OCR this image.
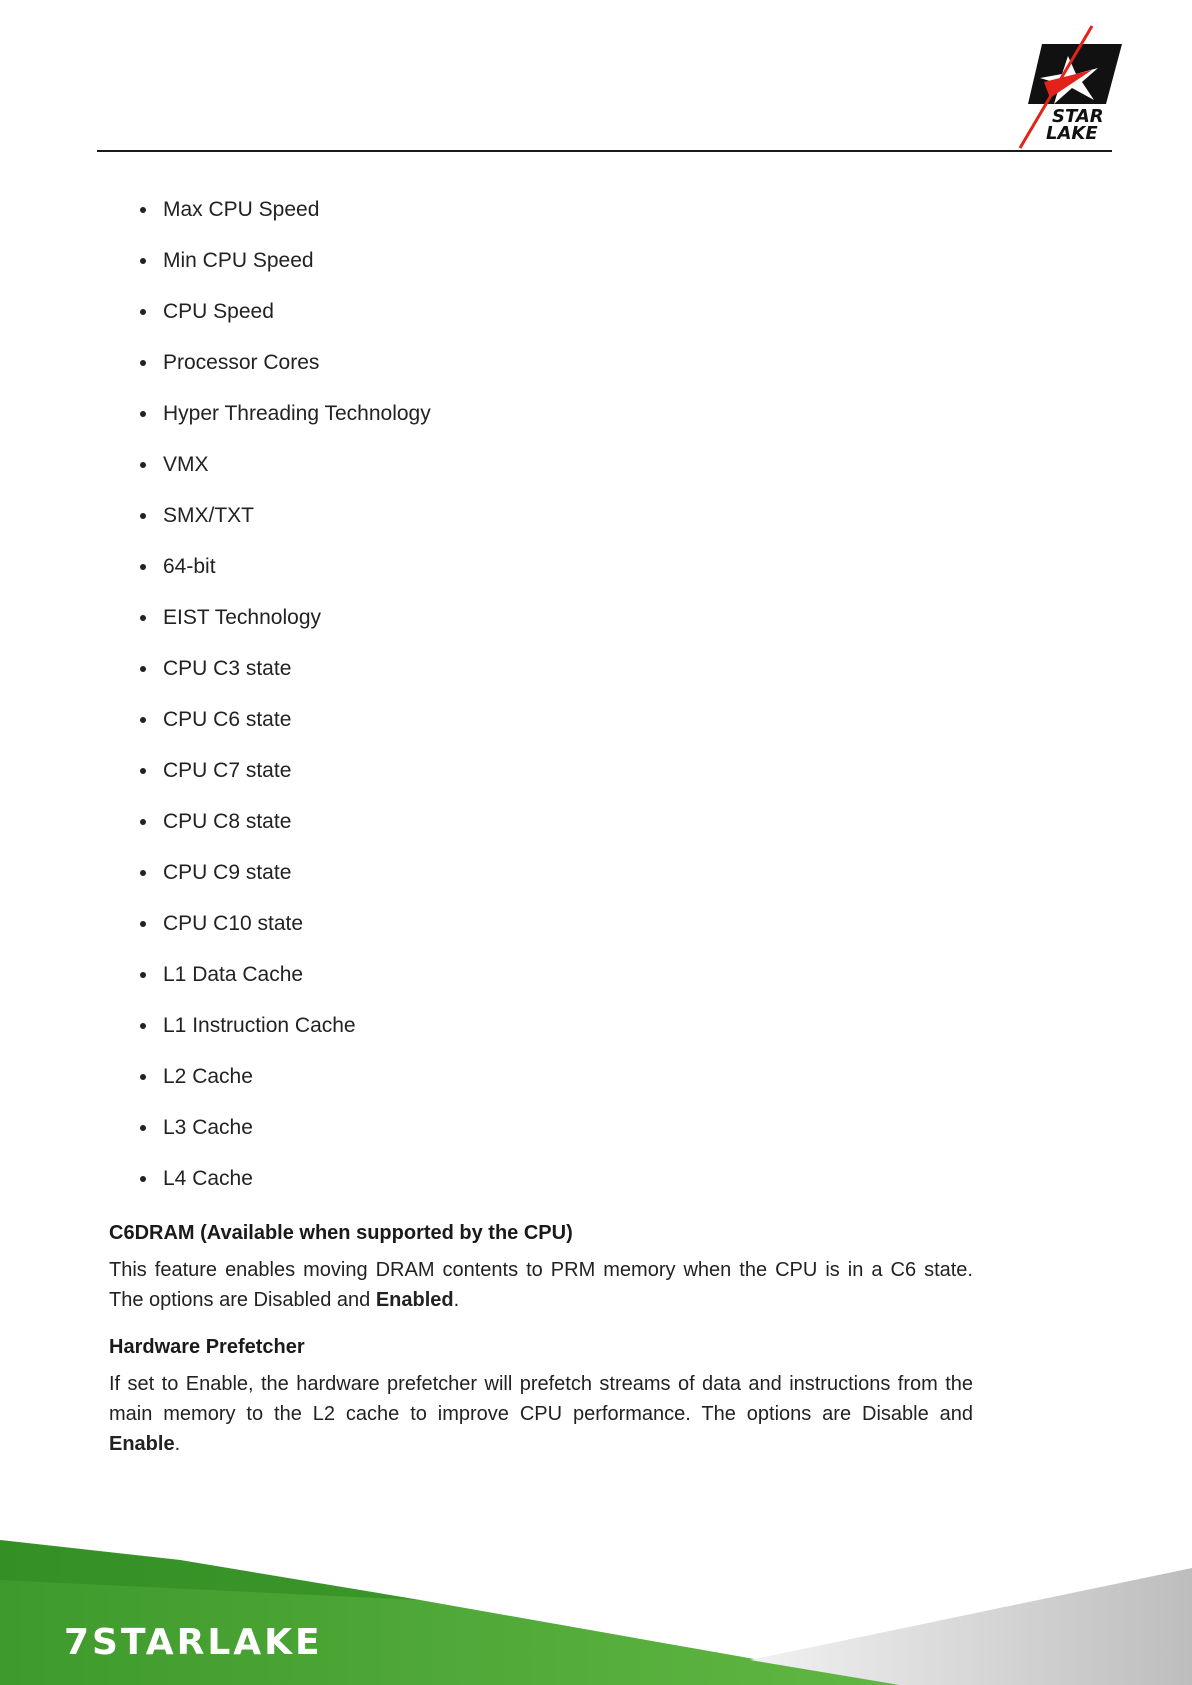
STAR
LAKE
Max CPU Speed
Min CPU Speed
CPU Speed
Processor Cores
Hyper Threading Technology
VMX
SMX/TXT
64-bit
EIST Technology
CPU C3 state
CPU C6 state
CPU C7 state
CPU C8 state
CPU C9 state
CPU C10 state
L1 Data Cache
L1 Instruction Cache
L2 Cache
L3 Cache
L4 Cache
C6DRAM (Available when supported by the CPU)

This feature enables moving DRAM contents to PRM memory when the CPU is in a C6 state. The options are Disabled and Enabled.

Hardware Prefetcher

If set to Enable, the hardware prefetcher will prefetch streams of data and instructions from the main memory to the L2 cache to improve CPU performance. The options are Disable and Enable.

7STARLAKE
